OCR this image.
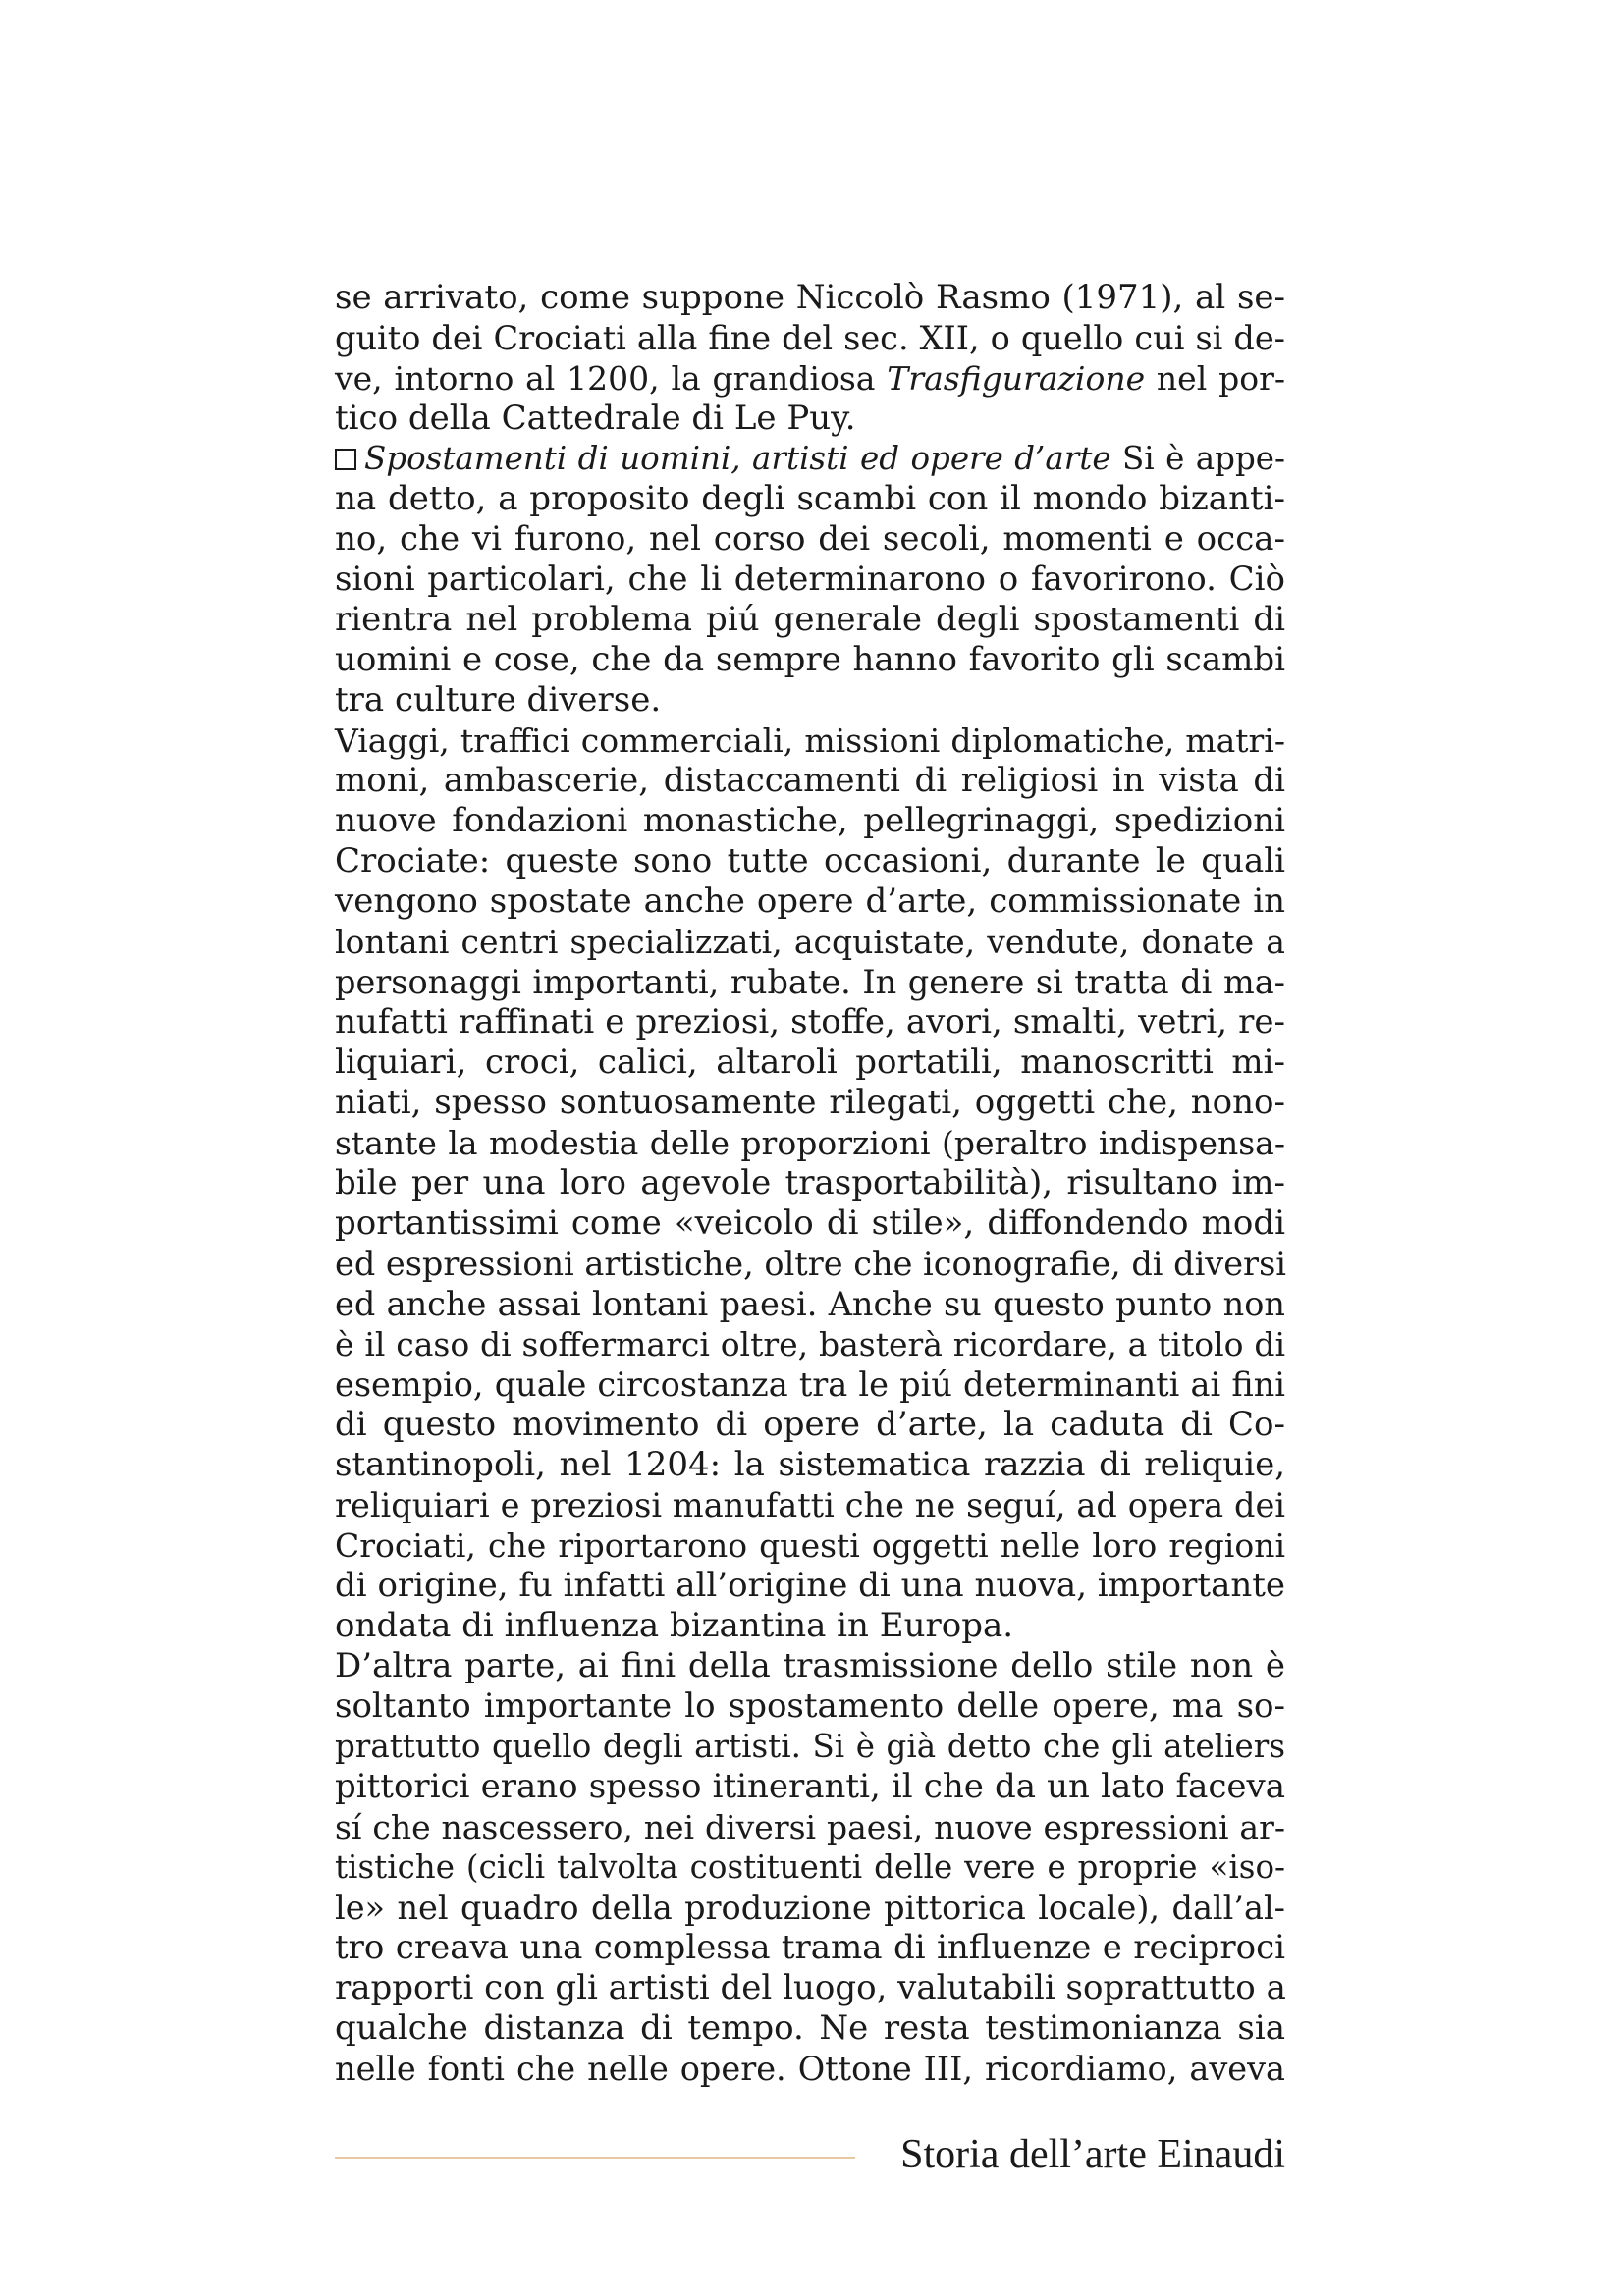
se arrivato, come suppone Niccolò Rasmo (1971), al se-
guito dei Crociati alla fine del sec. XII, o quello cui si de-
ve, intorno al 1200, la grandiosa Trasfigurazione nel por-
tico della Cattedrale di Le Puy.
Spostamenti di uomini, artisti ed opere d’arte Si è appe-
na detto, a proposito degli scambi con il mondo bizanti-
no, che vi furono, nel corso dei secoli, momenti e occa-
sioni particolari, che li determinarono o favorirono. Ciò
rientra nel problema piú generale degli spostamenti di
uomini e cose, che da sempre hanno favorito gli scambi
tra culture diverse.
Viaggi, traffici commerciali, missioni diplomatiche, matri-
moni, ambascerie, distaccamenti di religiosi in vista di
nuove fondazioni monastiche, pellegrinaggi, spedizioni
Crociate: queste sono tutte occasioni, durante le quali
vengono spostate anche opere d’arte, commissionate in
lontani centri specializzati, acquistate, vendute, donate a
personaggi importanti, rubate. In genere si tratta di ma-
nufatti raffinati e preziosi, stoffe, avori, smalti, vetri, re-
liquiari, croci, calici, altaroli portatili, manoscritti mi-
niati, spesso sontuosamente rilegati, oggetti che, nono-
stante la modestia delle proporzioni (peraltro indispensa-
bile per una loro agevole trasportabilità), risultano im-
portantissimi come «veicolo di stile», diffondendo modi
ed espressioni artistiche, oltre che iconografie, di diversi
ed anche assai lontani paesi. Anche su questo punto non
è il caso di soffermarci oltre, basterà ricordare, a titolo di
esempio, quale circostanza tra le piú determinanti ai fini
di questo movimento di opere d’arte, la caduta di Co-
stantinopoli, nel 1204: la sistematica razzia di reliquie,
reliquiari e preziosi manufatti che ne seguí, ad opera dei
Crociati, che riportarono questi oggetti nelle loro regioni
di origine, fu infatti all’origine di una nuova, importante
ondata di influenza bizantina in Europa.
D’altra parte, ai fini della trasmissione dello stile non è
soltanto importante lo spostamento delle opere, ma so-
prattutto quello degli artisti. Si è già detto che gli ateliers
pittorici erano spesso itineranti, il che da un lato faceva
sí che nascessero, nei diversi paesi, nuove espressioni ar-
tistiche (cicli talvolta costituenti delle vere e proprie «iso-
le» nel quadro della produzione pittorica locale), dall’al-
tro creava una complessa trama di influenze e reciproci
rapporti con gli artisti del luogo, valutabili soprattutto a
qualche distanza di tempo. Ne resta testimonianza sia
nelle fonti che nelle opere. Ottone III, ricordiamo, aveva
Storia dell’arte Einaudi
